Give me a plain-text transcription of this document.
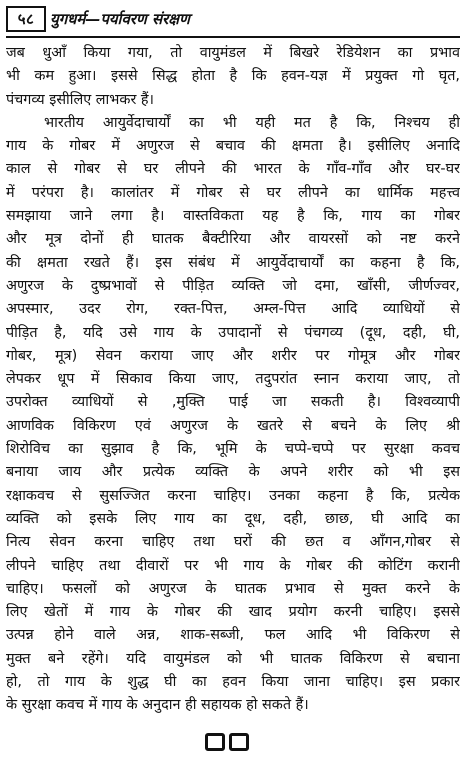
५८	युगधर्म—पर्यावरण संरक्षण
जब धुआँ किया गया, तो वायुमंडल में बिखरे रेडियेशन का प्रभाव
भी कम हुआ। इससे सिद्ध होता है कि हवन-यज्ञ में प्रयुक्त गो घृत,
पंचगव्य इसीलिए लाभकर हैं।
भारतीय आयुर्वेदाचार्यों का भी यही मत है कि, निश्चय ही
गाय के गोबर में अणुरज से बचाव की क्षमता है। इसीलिए अनादि
काल से गोबर से घर लीपने की भारत के गाँव-गाँव और घर-घर
में परंपरा है। कालांतर में गोबर से घर लीपने का धार्मिक महत्त्व
समझाया जाने लगा है। वास्तविकता यह है कि, गाय का गोबर
और मूत्र दोनों ही घातक बैक्टीरिया और वायरसों को नष्ट करने
की क्षमता रखते हैं। इस संबंध में आयुर्वेदाचार्यों का कहना है कि,
अणुरज के दुष्प्रभावों से पीड़ित व्यक्ति जो दमा, खाँसी, जीर्णज्वर,
अपस्मार, उदर रोग, रक्त-पित्त, अम्ल-पित्त आदि व्याधियों से
पीड़ित है, यदि उसे गाय के उपादानों से पंचगव्य (दूध, दही, घी,
गोबर, मूत्र) सेवन कराया जाए और शरीर पर गोमूत्र और गोबर
लेपकर धूप में सिकाव किया जाए, तदुपरांत स्नान कराया जाए, तो
उपरोक्त व्याधियों से ,मुक्ति पाई जा सकती है। विश्वव्यापी
आणविक विकिरण एवं अणुरज के खतरे से बचने के लिए श्री
शिरोविच का सुझाव है कि, भूमि के चप्पे-चप्पे पर सुरक्षा कवच
बनाया जाय और प्रत्येक व्यक्ति के अपने शरीर को भी इस
रक्षाकवच से सुसज्जित करना चाहिए। उनका कहना है कि, प्रत्येक
व्यक्ति को इसके लिए गाय का दूध, दही, छाछ, घी आदि का
नित्य सेवन करना चाहिए तथा घरों की छत व आँगन,गोबर से
लीपने चाहिए तथा दीवारों पर भी गाय के गोबर की कोटिंग करानी
चाहिए। फसलों को अणुरज के घातक प्रभाव से मुक्त करने के
लिए खेतों में गाय के गोबर की खाद प्रयोग करनी चाहिए। इससे
उत्पन्न होने वाले अन्न, शाक-सब्जी, फल आदि भी विकिरण से
मुक्त बने रहेंगे। यदि वायुमंडल को भी घातक विकिरण से बचाना
हो, तो गाय के शुद्ध घी का हवन किया जाना चाहिए। इस प्रकार
के सुरक्षा कवच में गाय के अनुदान ही सहायक हो सकते हैं।
